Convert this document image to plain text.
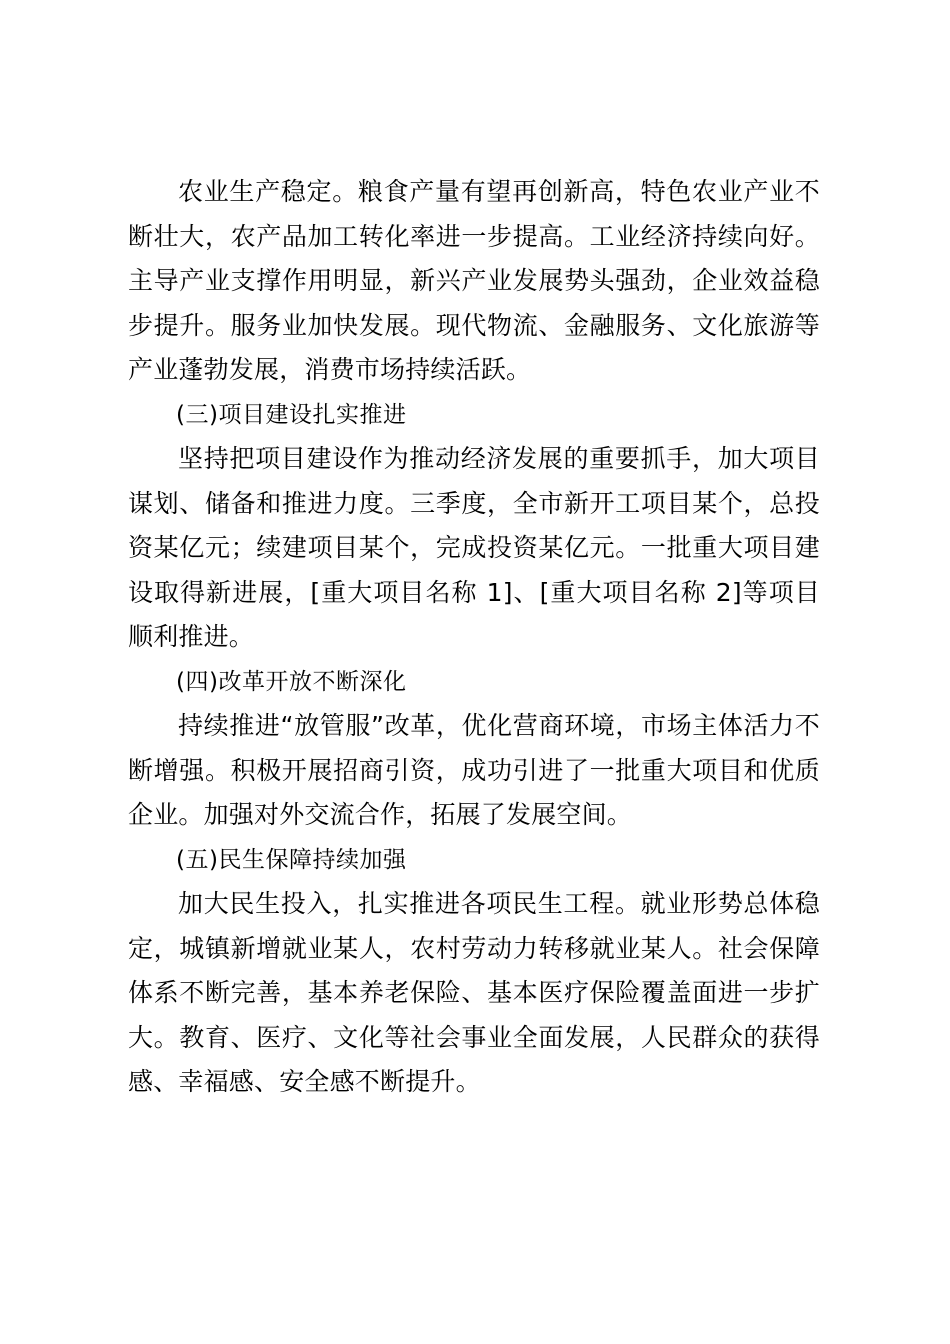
农业生产稳定。粮食产量有望再创新高，特色农业产业不断壮大，农产品加工转化率进一步提高。工业经济持续向好。主导产业支撑作用明显，新兴产业发展势头强劲，企业效益稳步提升。服务业加快发展。现代物流、金融服务、文化旅游等产业蓬勃发展，消费市场持续活跃。

(三)项目建设扎实推进

坚持把项目建设作为推动经济发展的重要抓手，加大项目谋划、储备和推进力度。三季度，全市新开工项目某个，总投资某亿元；续建项目某个，完成投资某亿元。一批重大项目建设取得新进展，[重大项目名称 1]、[重大项目名称 2]等项目顺利推进。

(四)改革开放不断深化

持续推进“放管服”改革，优化营商环境，市场主体活力不断增强。积极开展招商引资，成功引进了一批重大项目和优质企业。加强对外交流合作，拓展了发展空间。

(五)民生保障持续加强

加大民生投入，扎实推进各项民生工程。就业形势总体稳定，城镇新增就业某人，农村劳动力转移就业某人。社会保障体系不断完善，基本养老保险、基本医疗保险覆盖面进一步扩大。教育、医疗、文化等社会事业全面发展，人民群众的获得感、幸福感、安全感不断提升。
